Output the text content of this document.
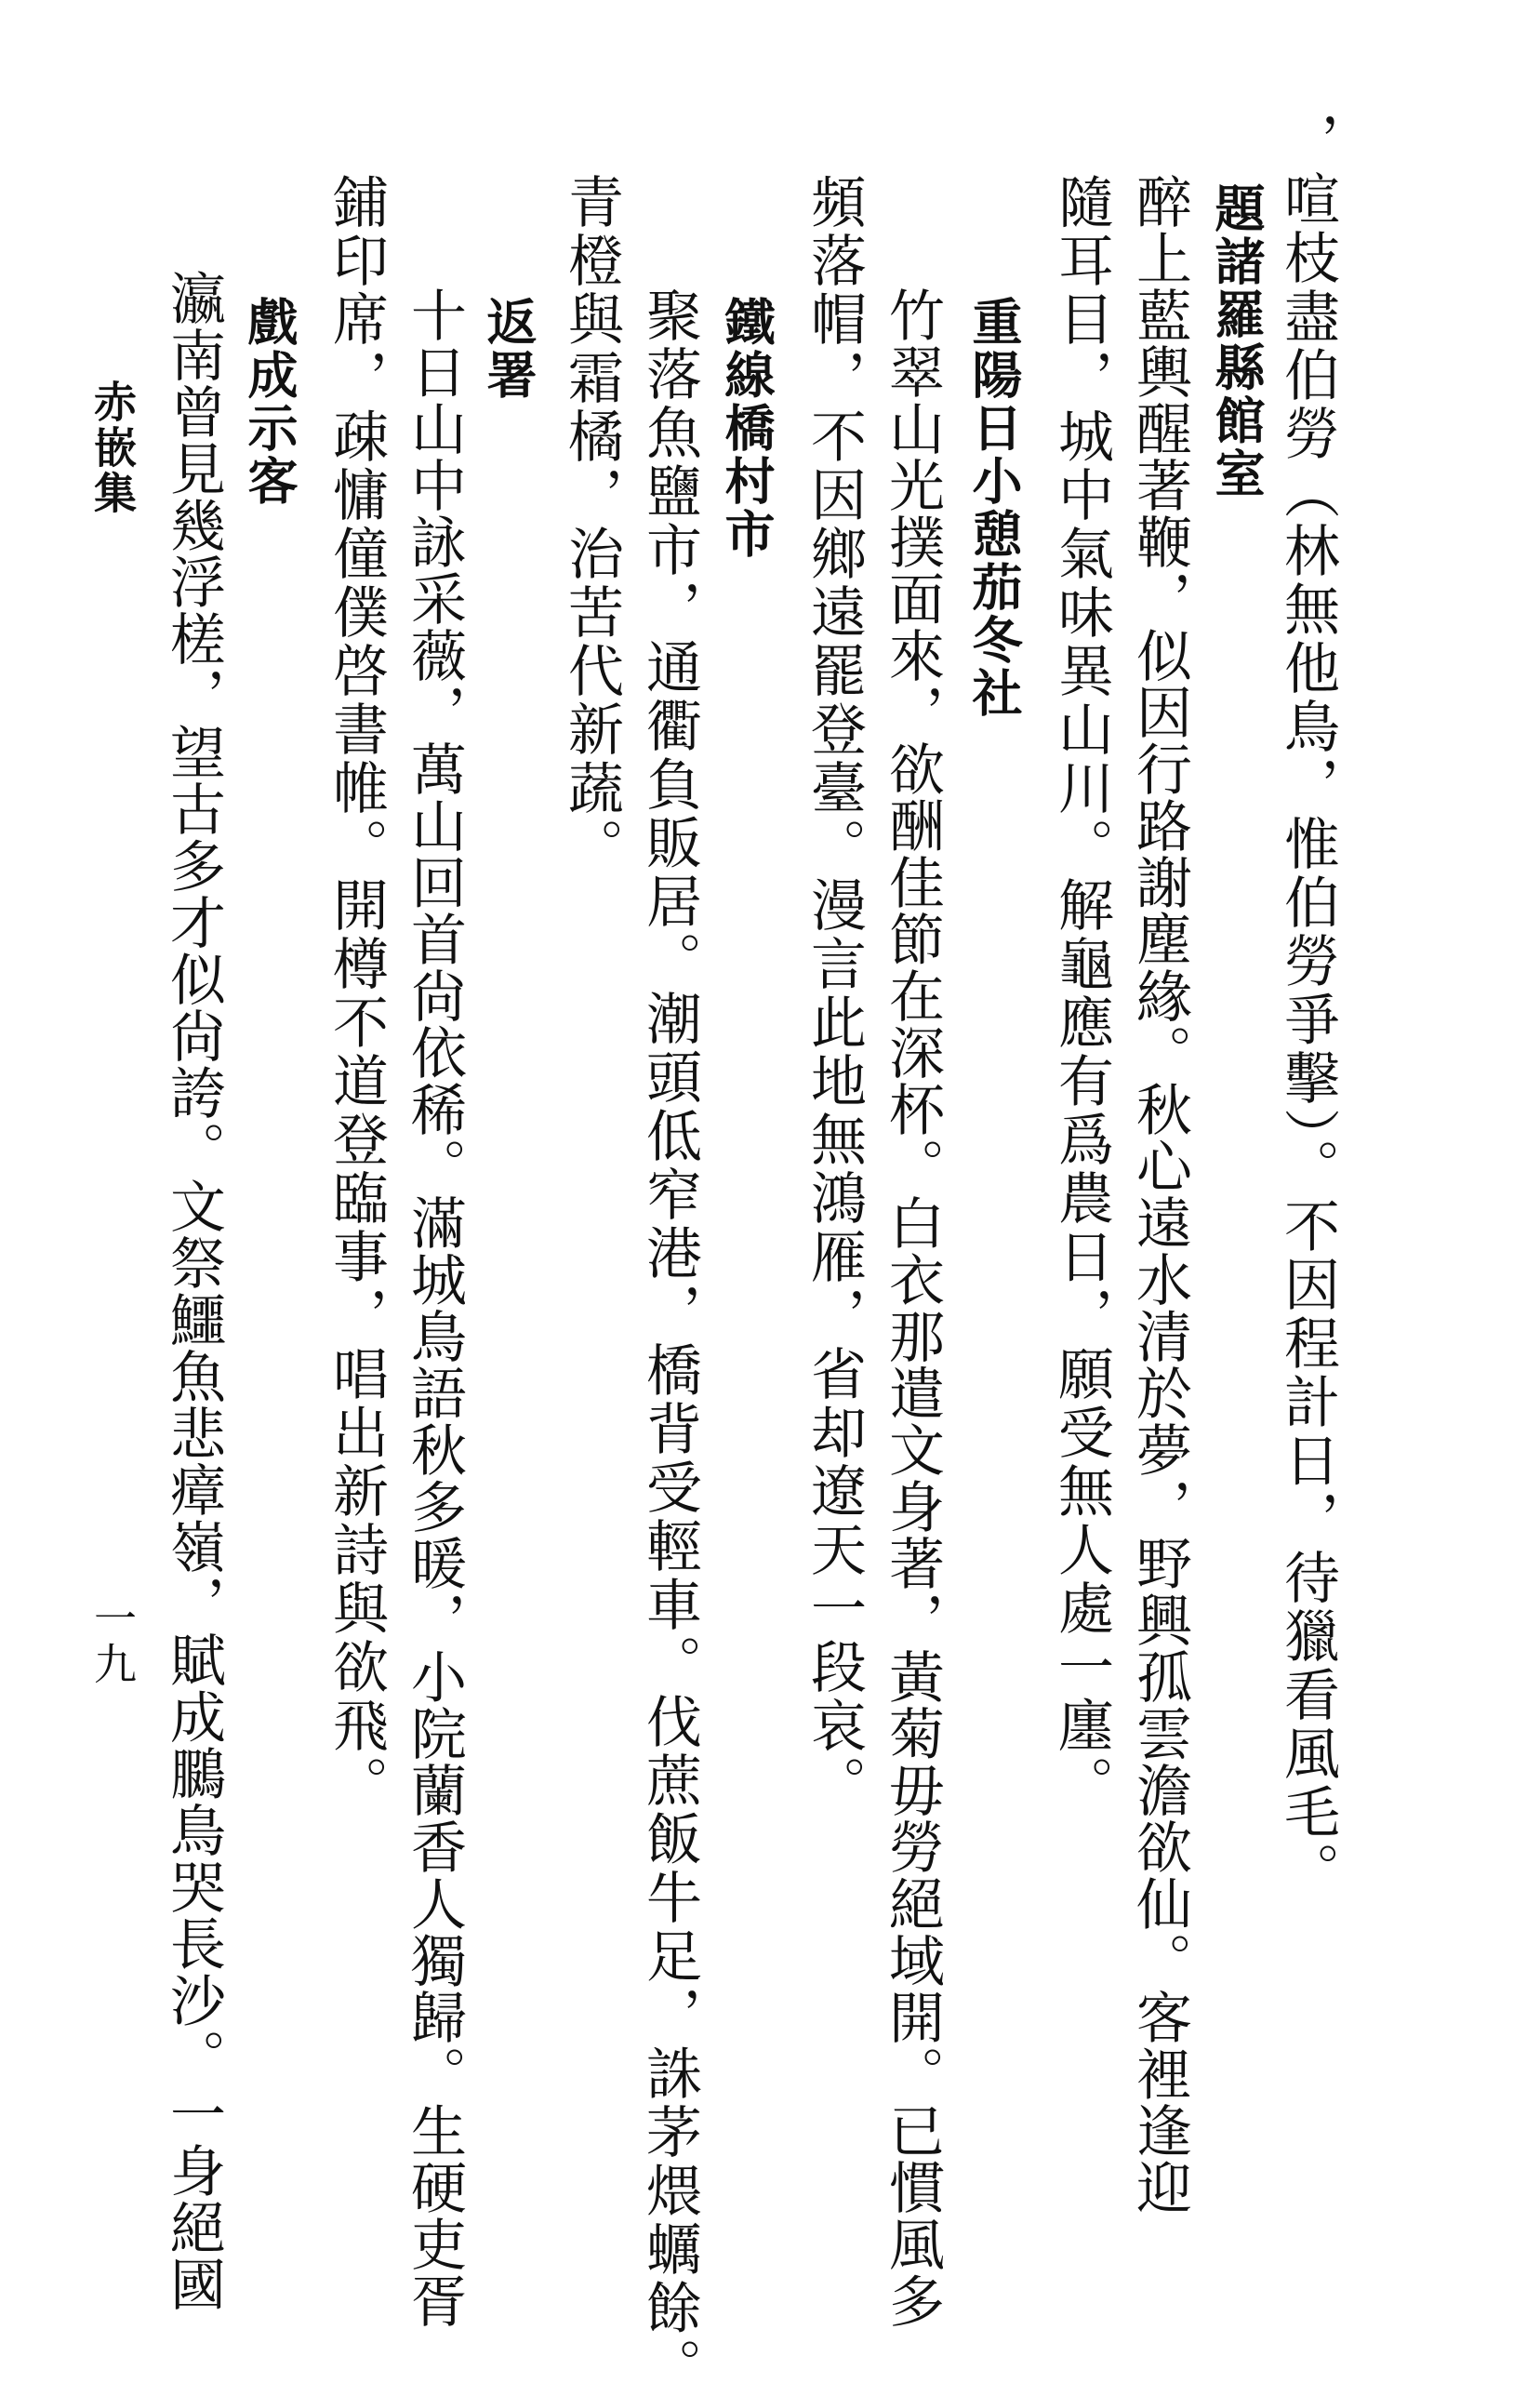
，喧枝盡伯勞（林無他鳥，惟伯勞爭擊）。不因程計日，待獵看風毛。
題諸羅縣館室
醉上藍輿醒著鞭，似因行路謝塵緣。秋心遠水清於夢，野興孤雲澹欲仙。客裡逢迎
隨耳目，城中氣味異山川。解龜應有爲農日，願受無人處一廛。
重陽日小憩茄冬社
竹翠山光撲面來，欲酬佳節在深杯。白衣那遣文身著，黃菊毋勞絕域開。已慣風多
頻落帽，不因鄉遠罷登臺。漫言此地無鴻雁，省却遼天一段哀。
鐵線橋村市
聚落魚鹽市，通衢負販居。潮頭低窄港，橋背受輕車。伐蔗飯牛足，誅茅煨蠣餘。
青橙與霜橘，治苦代新蔬。
返署
十日山中詠采薇，萬山回首尙依稀。滿城鳥語秋多暖，小院蘭香人獨歸。生硬吏胥
鋪印席，疎慵僮僕啓書帷。開樽不道登臨事，唱出新詩與欲飛。
戲成示客
瀛南曾見幾浮槎，望古多才似尙誇。文祭鱷魚悲瘴嶺，賦成鵩鳥哭長沙。一身絕國
赤嵌集
一九
